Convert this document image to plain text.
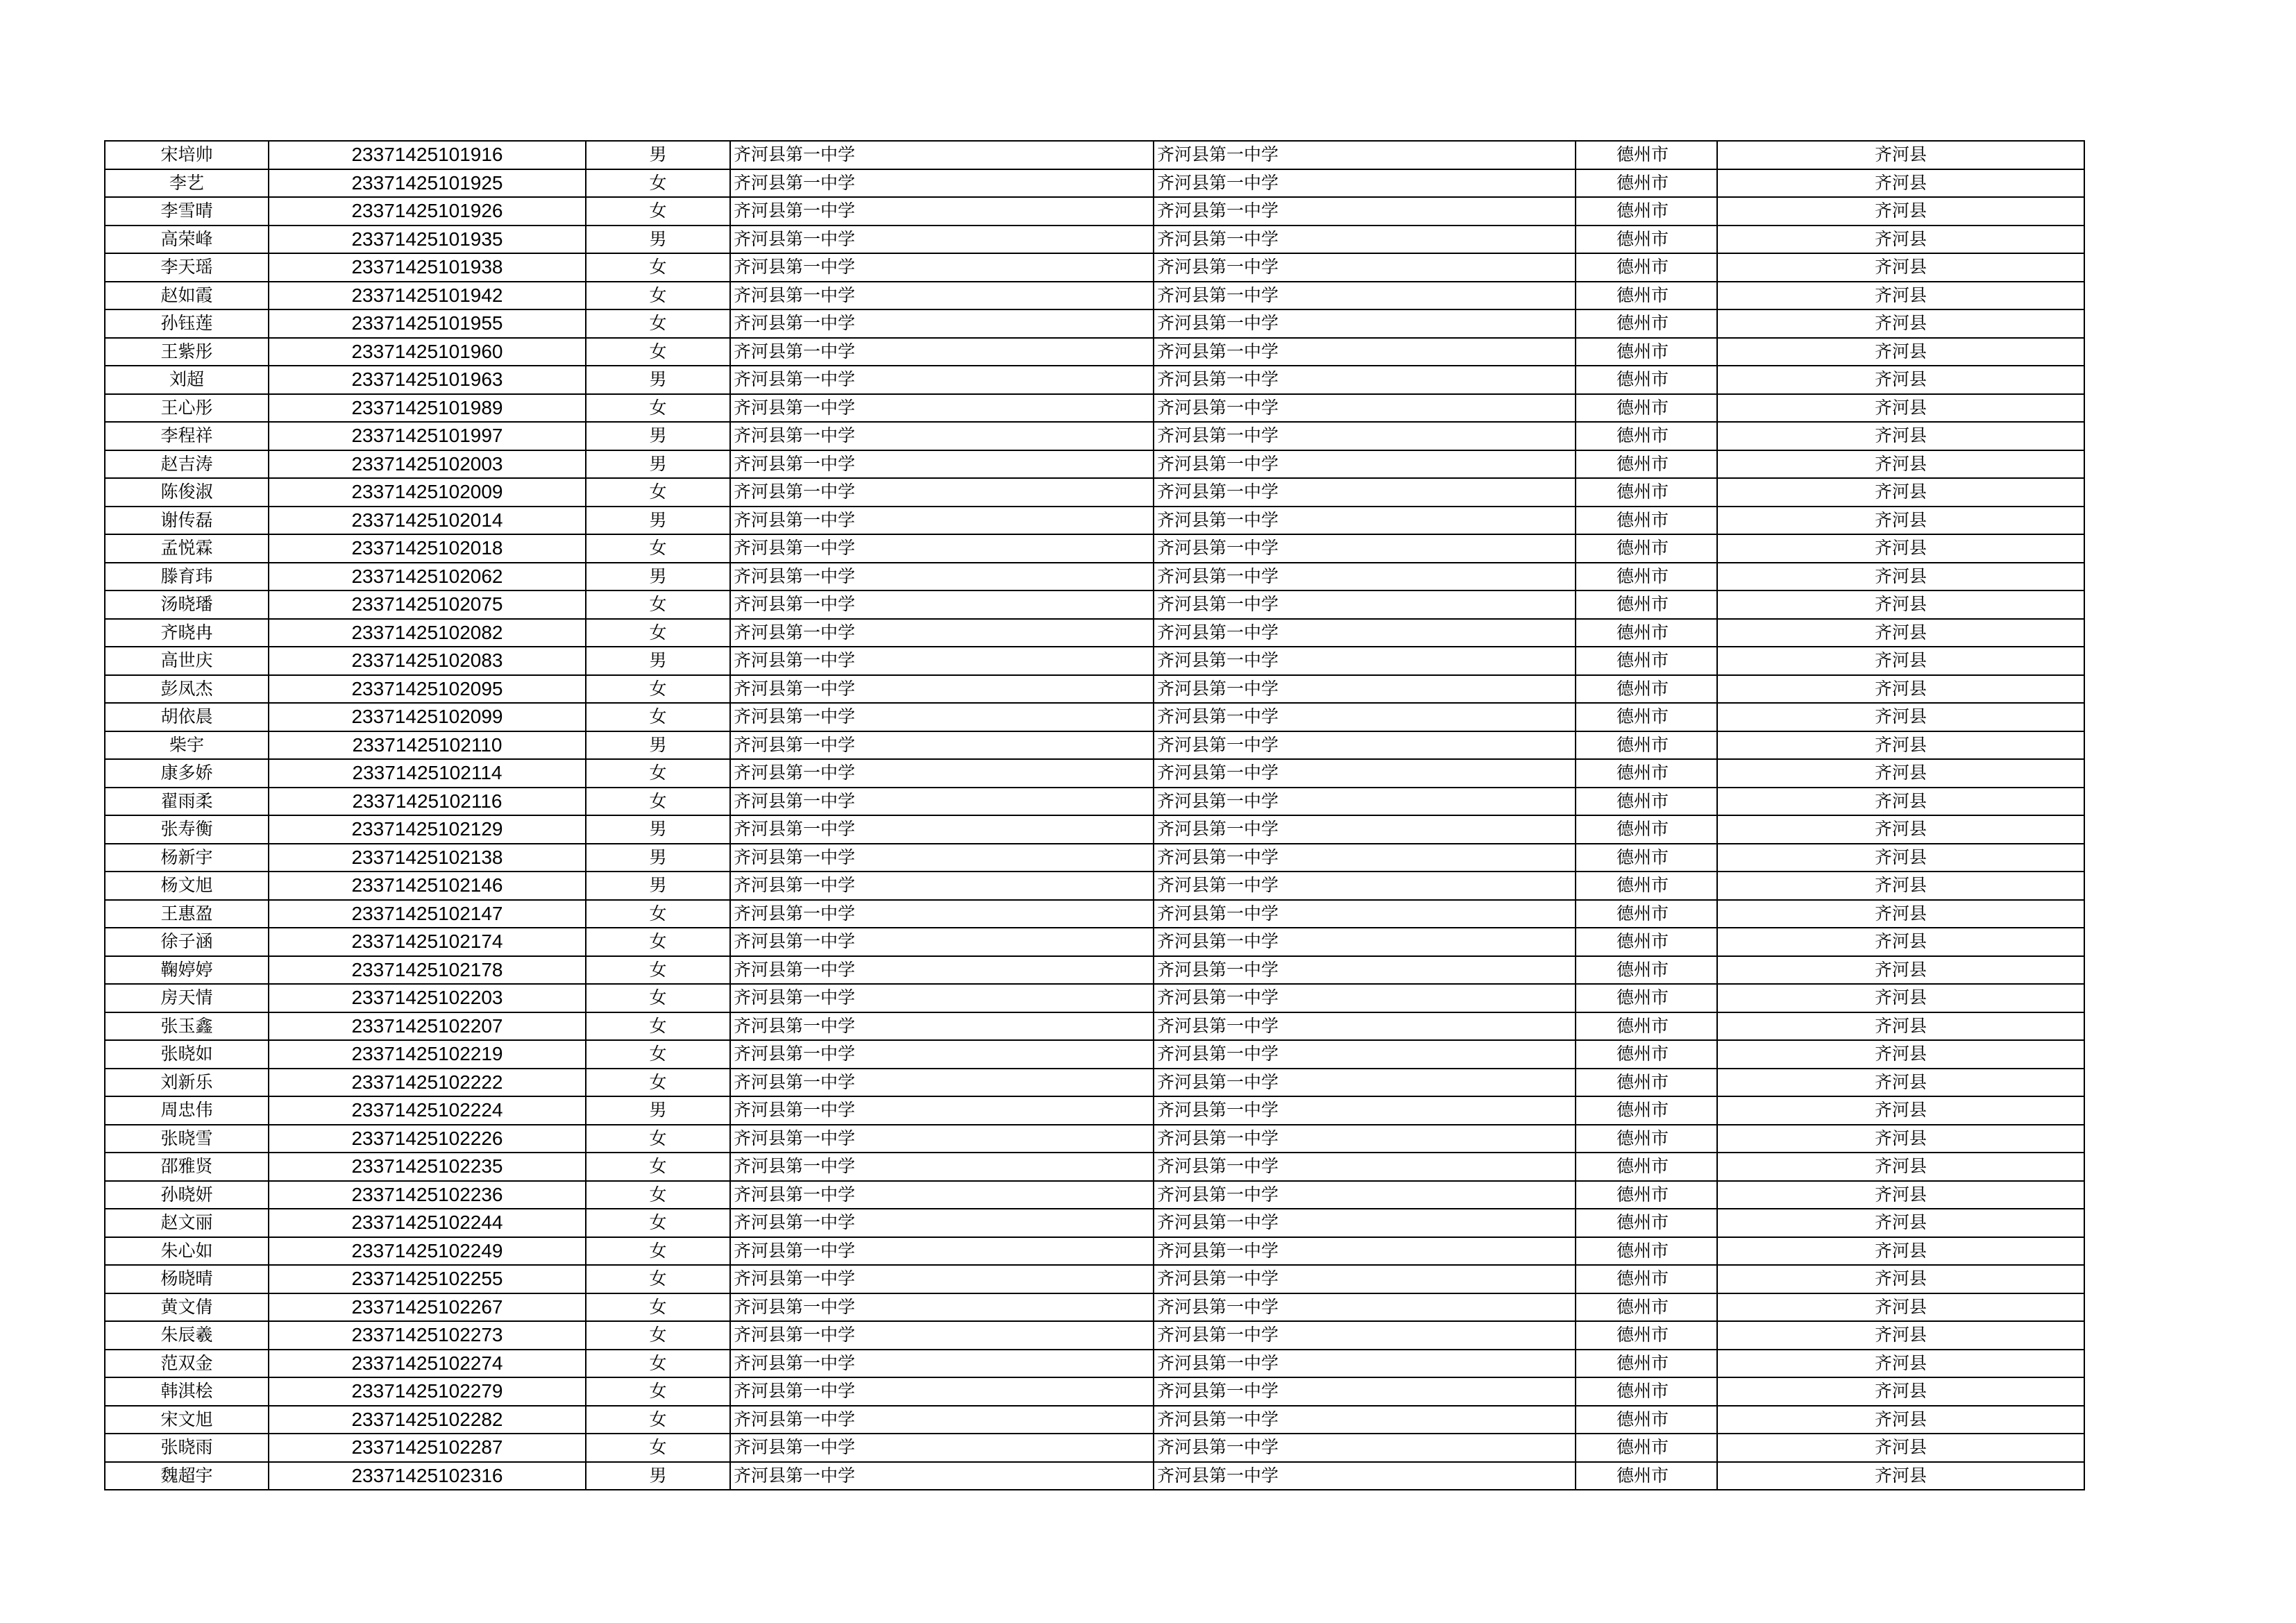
宋培帅	23371425101916	男	齐河县第一中学	齐河县第一中学	德州市	齐河县
李艺	23371425101925	女	齐河县第一中学	齐河县第一中学	德州市	齐河县
李雪晴	23371425101926	女	齐河县第一中学	齐河县第一中学	德州市	齐河县
高荣峰	23371425101935	男	齐河县第一中学	齐河县第一中学	德州市	齐河县
李天瑶	23371425101938	女	齐河县第一中学	齐河县第一中学	德州市	齐河县
赵如霞	23371425101942	女	齐河县第一中学	齐河县第一中学	德州市	齐河县
孙钰莲	23371425101955	女	齐河县第一中学	齐河县第一中学	德州市	齐河县
王紫彤	23371425101960	女	齐河县第一中学	齐河县第一中学	德州市	齐河县
刘超	23371425101963	男	齐河县第一中学	齐河县第一中学	德州市	齐河县
王心彤	23371425101989	女	齐河县第一中学	齐河县第一中学	德州市	齐河县
李程祥	23371425101997	男	齐河县第一中学	齐河县第一中学	德州市	齐河县
赵吉涛	23371425102003	男	齐河县第一中学	齐河县第一中学	德州市	齐河县
陈俊淑	23371425102009	女	齐河县第一中学	齐河县第一中学	德州市	齐河县
谢传磊	23371425102014	男	齐河县第一中学	齐河县第一中学	德州市	齐河县
孟悦霖	23371425102018	女	齐河县第一中学	齐河县第一中学	德州市	齐河县
滕育玮	23371425102062	男	齐河县第一中学	齐河县第一中学	德州市	齐河县
汤晓璠	23371425102075	女	齐河县第一中学	齐河县第一中学	德州市	齐河县
齐晓冉	23371425102082	女	齐河县第一中学	齐河县第一中学	德州市	齐河县
高世庆	23371425102083	男	齐河县第一中学	齐河县第一中学	德州市	齐河县
彭凤杰	23371425102095	女	齐河县第一中学	齐河县第一中学	德州市	齐河县
胡依晨	23371425102099	女	齐河县第一中学	齐河县第一中学	德州市	齐河县
柴宇	23371425102110	男	齐河县第一中学	齐河县第一中学	德州市	齐河县
康多娇	23371425102114	女	齐河县第一中学	齐河县第一中学	德州市	齐河县
翟雨柔	23371425102116	女	齐河县第一中学	齐河县第一中学	德州市	齐河县
张寿衡	23371425102129	男	齐河县第一中学	齐河县第一中学	德州市	齐河县
杨新宇	23371425102138	男	齐河县第一中学	齐河县第一中学	德州市	齐河县
杨文旭	23371425102146	男	齐河县第一中学	齐河县第一中学	德州市	齐河县
王惠盈	23371425102147	女	齐河县第一中学	齐河县第一中学	德州市	齐河县
徐子涵	23371425102174	女	齐河县第一中学	齐河县第一中学	德州市	齐河县
鞠婷婷	23371425102178	女	齐河县第一中学	齐河县第一中学	德州市	齐河县
房天情	23371425102203	女	齐河县第一中学	齐河县第一中学	德州市	齐河县
张玉鑫	23371425102207	女	齐河县第一中学	齐河县第一中学	德州市	齐河县
张晓如	23371425102219	女	齐河县第一中学	齐河县第一中学	德州市	齐河县
刘新乐	23371425102222	女	齐河县第一中学	齐河县第一中学	德州市	齐河县
周忠伟	23371425102224	男	齐河县第一中学	齐河县第一中学	德州市	齐河县
张晓雪	23371425102226	女	齐河县第一中学	齐河县第一中学	德州市	齐河县
邵雅贤	23371425102235	女	齐河县第一中学	齐河县第一中学	德州市	齐河县
孙晓妍	23371425102236	女	齐河县第一中学	齐河县第一中学	德州市	齐河县
赵文丽	23371425102244	女	齐河县第一中学	齐河县第一中学	德州市	齐河县
朱心如	23371425102249	女	齐河县第一中学	齐河县第一中学	德州市	齐河县
杨晓晴	23371425102255	女	齐河县第一中学	齐河县第一中学	德州市	齐河县
黄文倩	23371425102267	女	齐河县第一中学	齐河县第一中学	德州市	齐河县
朱辰羲	23371425102273	女	齐河县第一中学	齐河县第一中学	德州市	齐河县
范双金	23371425102274	女	齐河县第一中学	齐河县第一中学	德州市	齐河县
韩淇桧	23371425102279	女	齐河县第一中学	齐河县第一中学	德州市	齐河县
宋文旭	23371425102282	女	齐河县第一中学	齐河县第一中学	德州市	齐河县
张晓雨	23371425102287	女	齐河县第一中学	齐河县第一中学	德州市	齐河县
魏超宇	23371425102316	男	齐河县第一中学	齐河县第一中学	德州市	齐河县
